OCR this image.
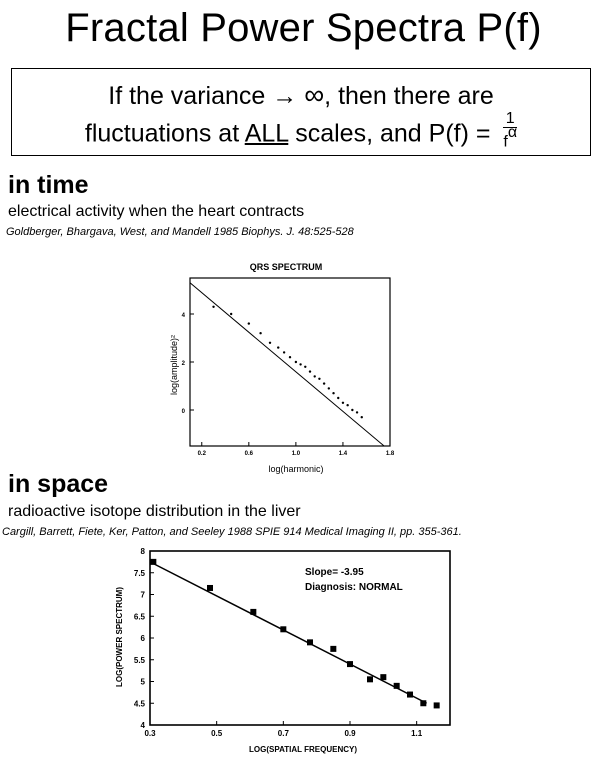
Fractal Power Spectra P(f)
If the variance → ∞, then there are
fluctuations at ALL scales, and $P(f) = \frac{1}{f^\alpha}$
in time
electrical activity when the heart contracts
Goldberger, Bhargava, West, and Mandell 1985 Biophys. J. 48:525-528
QRS SPECTRUM
0.2	0.6	1.0	1.4	1.8
0
2
4
log(harmonic)
log(amplitude)²
in space
radioactive isotope distribution in the liver
Cargill, Barrett, Fiete, Ker, Patton, and Seeley 1988 SPIE 914 Medical Imaging II, pp. 355-361.
0.3	0.5	0.7	0.9	1.1
4
4.5
5
5.5
6
6.5
7
7.5
8
Slope= -3.95
Diagnosis: NORMAL
LOG(SPATIAL FREQUENCY)
LOG(POWER SPECTRUM)
